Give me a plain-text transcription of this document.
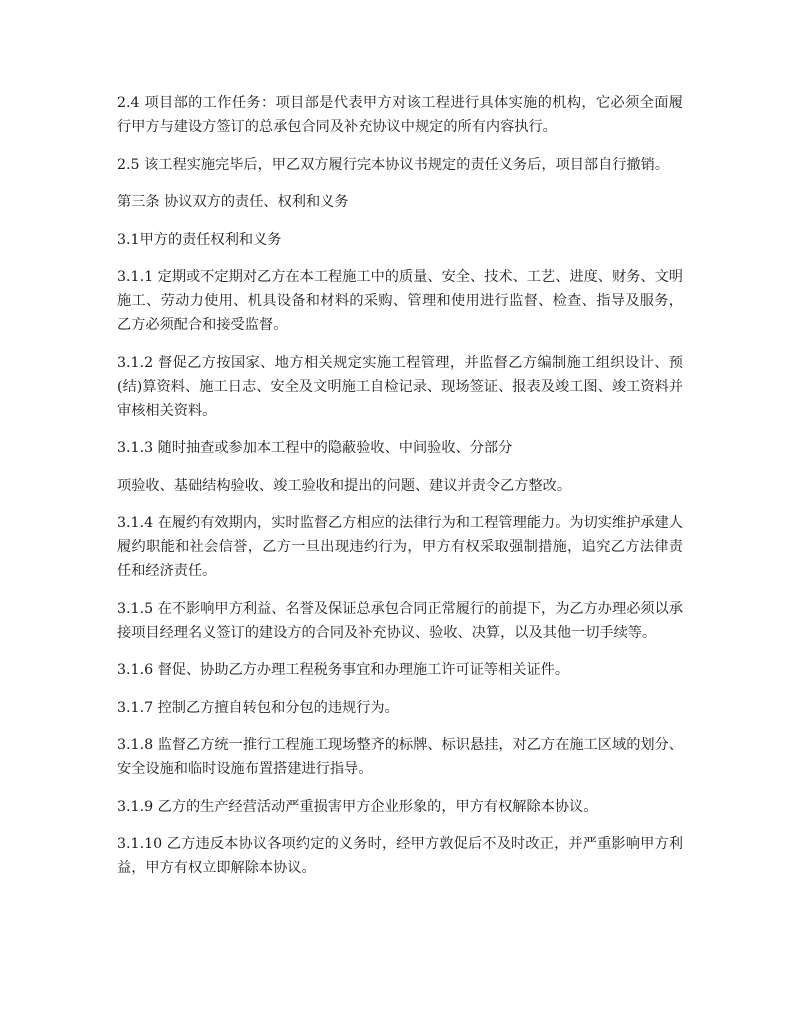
2.4 项目部的工作任务：项目部是代表甲方对该工程进行具体实施的机构，它必须全面履行甲方与建设方签订的总承包合同及补充协议中规定的所有内容执行。

2.5 该工程实施完毕后，甲乙双方履行完本协议书规定的责任义务后，项目部自行撤销。

第三条 协议双方的责任、权利和义务

3.1甲方的责任权利和义务

3.1.1 定期或不定期对乙方在本工程施工中的质量、安全、技术、工艺、进度、财务、文明施工、劳动力使用、机具设备和材料的采购、管理和使用进行监督、检查、指导及服务，乙方必须配合和接受监督。

3.1.2 督促乙方按国家、地方相关规定实施工程管理，并监督乙方编制施工组织设计、预(结)算资料、施工日志、安全及文明施工自检记录、现场签证、报表及竣工图、竣工资料并审核相关资料。

3.1.3 随时抽查或参加本工程中的隐蔽验收、中间验收、分部分

项验收、基础结构验收、竣工验收和提出的问题、建议并责令乙方整改。

3.1.4 在履约有效期内，实时监督乙方相应的法律行为和工程管理能力。为切实维护承建人履约职能和社会信誉，乙方一旦出现违约行为，甲方有权采取强制措施，追究乙方法律责任和经济责任。

3.1.5 在不影响甲方利益、名誉及保证总承包合同正常履行的前提下，为乙方办理必须以承接项目经理名义签订的建设方的合同及补充协议、验收、决算，以及其他一切手续等。

3.1.6 督促、协助乙方办理工程税务事宜和办理施工许可证等相关证件。

3.1.7 控制乙方擅自转包和分包的违规行为。

3.1.8 监督乙方统一推行工程施工现场整齐的标牌、标识悬挂，对乙方在施工区域的划分、安全设施和临时设施布置搭建进行指导。

3.1.9 乙方的生产经营活动严重损害甲方企业形象的，甲方有权解除本协议。

3.1.10 乙方违反本协议各项约定的义务时，经甲方敦促后不及时改正，并严重影响甲方利益，甲方有权立即解除本协议。
